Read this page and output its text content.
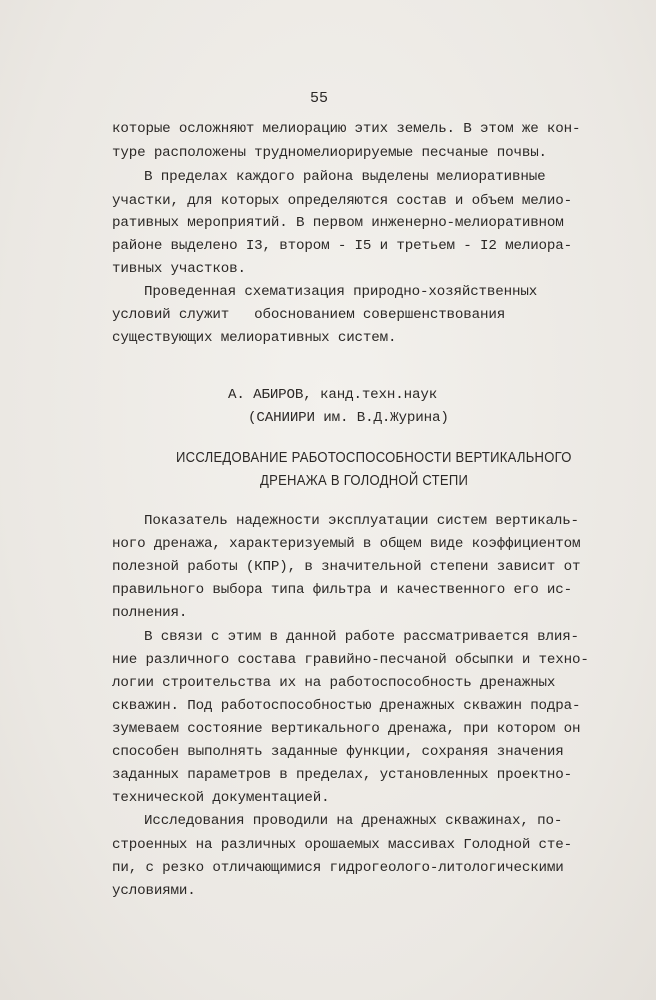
55
которые осложняют мелиорацию этих земель. В этом же кон-
туре расположены трудномелиорируемые песчаные почвы.
В пределах каждого района выделены мелиоративные
участки, для которых определяются состав и объем мелио-
ративных мероприятий. В первом инженерно-мелиоративном
районе выделено I3, втором - I5 и третьем - I2 мелиора-
тивных участков.
Проведенная схематизация природно-хозяйственных
условий служит   обоснованием совершенствования
существующих мелиоративных систем.
А. АБИРОВ, канд.техн.наук
(САНИИРИ им. В.Д.Журина)
ИССЛЕДОВАНИЕ РАБОТОСПОСОБНОСТИ ВЕРТИКАЛЬНОГО
ДРЕНАЖА В ГОЛОДНОЙ СТЕПИ
Показатель надежности эксплуатации систем вертикаль-
ного дренажа, характеризуемый в общем виде коэффициентом
полезной работы (КПР), в значительной степени зависит от
правильного выбора типа фильтра и качественного его ис-
полнения.
В связи с этим в данной работе рассматривается влия-
ние различного состава гравийно-песчаной обсыпки и техно-
логии строительства их на работоспособность дренажных
скважин. Под работоспособностью дренажных скважин подра-
зумеваем состояние вертикального дренажа, при котором он
способен выполнять заданные функции, сохраняя значения
заданных параметров в пределах, установленных проектно-
технической документацией.
Исследования проводили на дренажных скважинах, по-
строенных на различных орошаемых массивах Голодной сте-
пи, с резко отличающимися гидрогеолого-литологическими
условиями.
